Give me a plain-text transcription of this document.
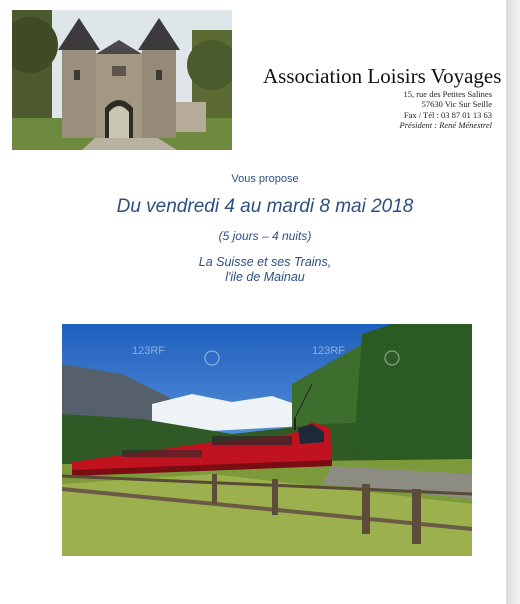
Association Loisirs Voyages
15, rue des Petites Salines
57630 Vic Sur Seille
Fax / Tél : 03 87 01 13 63
Président : René Ménestrel
Vous propose
Du vendredi 4 au mardi 8 mai 2018
(5 jours – 4 nuits)
La Suisse et ses Trains,
l'ile de Mainau
123RF	123RF
